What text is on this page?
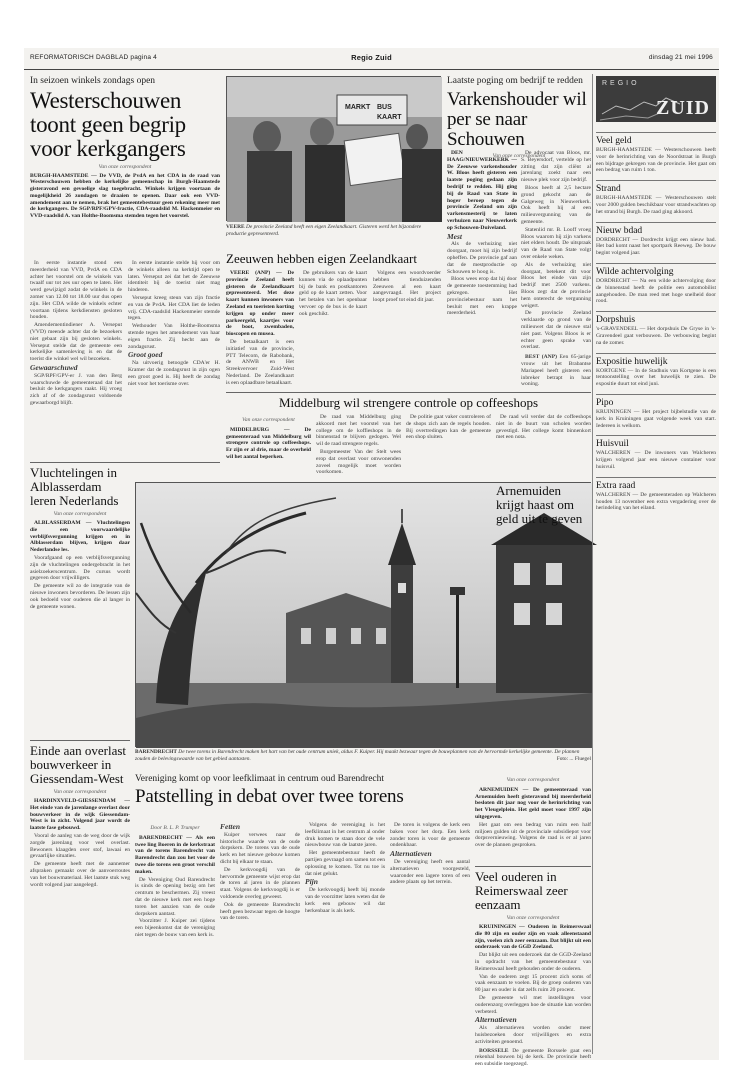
REFORMATORISCH DAGBLAD pagina 4	Regio Zuid	dinsdag 21 mei 1996
In seizoen winkels zondags open
Westerschouwen toont geen begrip voor kerkgangers
Van onze correspondent
BURGH-HAAMSTEDE — De VVD, de PvdA en het CDA in de raad van Westerschouwen hebben de kerkelijke gemeenschap in Burgh-Haamstede gisteravond een gevoelige slag toegebracht. Winkels krijgen voortaan de mogelijkheid 26 zondagen te draaien te openen. Daar ook een VVD-amendement aan te nemen, brak het gemeentebestuur geen rekening meer met de kerkgangers. De SGP/RPF/GPV-fractie, CDA-raadslid M. Hackenmeier en VVD-raadslid A. van Holthe-Boomsma stemden tegen het voorstel.

In eerste instantie stond een meerderheid van VVD, PvdA en CDA achter het voorstel om de winkels van twaalf uur tot zes uur open te laten. Het werd gewijzigd zodat de winkels in de zomer van 12.00 tot 18.00 uur dus open zijn. Het CDA wilde de winkels echter voortaan tijdens kerkdiensten gesloten houden.

Amendementindiener A. Verseput (VVD) meende achter dat de bezoekers niet gebaat zijn bij gesloten winkels. Verseput stelde dat de gemeente een kerkelijke samenleving is en dat de toerist die winkel wel wil bezoeken.

Gewaarschuwd

SGP/RPF/GPV-er J. van den Berg waarschuwde de gemeenteraad dat het besluit de kerkgangers raakt. Hij vroeg zich af of de zondagsrust voldoende gewaarborgd blijft.

In eerste instantie stelde hij voor om de winkels alleen na kerktijd open te laten. Verseput zei dat het de Zeeuwse identiteit bij de toerist niet mag hinderen.

Verseput kreeg steun van zijn fractie en van de PvdA. Het CDA liet de leden vrij. CDA-raadslid Hackenmeier stemde tegen.

Wethouder Van Holthe-Boomsma stemde tegen het amendement van haar eigen fractie. Zij hecht aan de zondagsrust.

Groot goed

Na uitvoerig betoogde CDA'er H. Kramer dat de zondagsrust in zijn ogen een groot goed is. Hij heeft de zondag niet voor het toerisme over.

MARKT BUS
KAART
VEERE De provincie Zeeland heeft een eigen Zeelandkaart. Gisteren werd het bijzondere productie gepresenteerd.
Zeeuwen hebben eigen Zeelandkaart

VEERE (ANP) — De provincie Zeeland heeft gisteren de Zeelandkaart gepresenteerd. Met deze kaart kunnen inwoners van Zeeland en toeristen korting krijgen op onder meer parkeergeld, kaartjes voor de boot, zwembaden, bioscopen en musea.

De betaalkaart is een initiatief van de provincie, PTT Telecom, de Rabobank, de ANWB en Het Streekvervoer Zuid-West Nederland. De Zeelandkaart is een oplaadbare betaalkaart.

De gebruikers van de kaart kunnen via de oplaadpunten bij de bank en postkantoren geld op de kaart zetten. Voor het betalen van het openbaar vervoer op de bus is de kaart ook geschikt.

Volgens een woordvoerder hebben tienduizenden Zeeuwen al een kaart aangevraagd. Het project loopt proef tot eind dit jaar.

Laatste poging om bedrijf te redden
Varkenshouder wil per se naar Schouwen
Van onze correspondent

DEN HAAG/NIEUWERKERK — De Zeeuwse varkenshouder W. Bloos heeft gisteren een laatste poging gedaan zijn bedrijf te redden. Hij ging bij de Raad van State in hoger beroep tegen de provincie Zeeland om zijn varkensmesterij te laten verhuizen naar Nieuwerkerk op Schouwen-Duiveland.

Mest

Als de verhuizing niet doorgaat, moet hij zijn bedrijf opheffen. De provincie gaf aan dat de mestproductie op Schouwen te hoog is.

Bloos wees erop dat hij door de gemeente toestemming had gekregen. Het provinciebestuur nam het besluit met een krappe meerderheid.

De advocaat van Bloos, mr. S. Beyersdorf, vertelde op het zitting dat zijn cliënt al jarenlang zoekt naar een nieuwe plek voor zijn bedrijf.

Bloos heeft al 2,5 hectare grond gekocht aan de Galgeweg in Nieuwerkerk. Ook heeft hij al een milieuvergunning van de gemeente.

Statenlid mr. B. Looff vroeg Bloos waarom hij zijn varkens niet elders houdt. De uitspraak van de Raad van State volgt over enkele weken.

Als de verhuizing niet doorgaat, betekent dit voor Bloos het einde van zijn bedrijf met 2500 varkens. Bloos zegt dat de provincie hem onterecht de vergunning weigert.

De provincie Zeeland verklaarde op grond van de milieuwet dat de nieuwe stal niet past. Volgens Bloos is er echter geen sprake van overlast.

BEST (ANP) Een 65-jarige vrouw uit het Brabantse Mariapeel heeft gisteren een inbreker betrapt in haar woning.

Middelburg wil strengere controle op coffeeshops
Van onze correspondent

MIDDELBURG — De gemeenteraad van Middelburg wil strengere controle op coffeeshops. Er zijn er al drie, maar de overheid wil het aantal beperken.

De raad van Middelburg ging akkoord met het voorstel van het college om de koffieshops in de binnenstad te blijven gedogen. Wel wil de raad strengere regels.

Burgemeester Van der Stelt wees erop dat overlast voor omwonenden zoveel mogelijk moet worden voorkomen.

De politie gaat vaker controleren of de shops zich aan de regels houden. Bij overtredingen kan de gemeente een shop sluiten.

De raad wil verder dat de coffeeshops niet in de buurt van scholen worden gevestigd. Het college komt binnenkort met een nota.

Vluchtelingen in Alblasserdam leren Nederlands
Van onze correspondent

ALBLASSERDAM — Vluchtelingen die een voorwaardelijke verblijfsvergunning krijgen en in Alblasserdam blijven, krijgen daar Nederlandse les.

Voorafgaand op een verblijfsvergunning zijn de vluchtelingen ondergebracht in het asielzoekerscentrum. De cursus wordt gegeven door vrijwilligers.

De gemeente wil zo de integratie van de nieuwe inwoners bevorderen. De lessen zijn ook bedoeld voor ouderen die al langer in de gemeente wonen.

BARENDRECHT De twee torens in Barendrecht maken het hart van het oude centrum uniek, aldus F. Kuiper. Hij maakt bezwaar tegen de bouwplannen van de hervormde kerkelijke gemeente. De plannen zouden de belevingswaarde van het gebied aantasten.	Foto: ... Fluegel
Einde aan overlast bouwverkeer in Giessendam-West
Van onze correspondent

HARDINXVELD-GIESSENDAM — Het einde van de jarenlange overlast door bouwverkeer in de wijk Giessendam-West is in zicht. Volgend jaar wordt de laatste fase gebouwd.

Vooral de aanleg van de weg door de wijk zorgde jarenlang voor veel overlast. Bewoners klaagden over stof, lawaai en gevaarlijke situaties.

De gemeente heeft met de aannemer afspraken gemaakt over de aanvoerroutes van het bouwmateriaal. Het laatste stuk weg wordt volgend jaar aangelegd.

Vereniging komt op voor leefklimaat in centrum oud Barendrecht
Patstelling in debat over twee torens
Door B. L. P. Trumper

BARENDRECHT — Als een twee ling Boeren in de kerkstraat van de torens Barendrecht van Barendrecht dan zou het voor de twee die torens een groot verschil maken.

De Vereniging Oud Barendrecht is sinds de opening bezig om het centrum te beschermen. Zij vreest dat de nieuwe kerk met een hoge toren het aanzien van de oude dorpskern aantast.

Voorzitter J. Kuiper zei tijdens een bijeenkomst dat de vereniging niet tegen de bouw van een kerk is.

Fetten

Kuiper verwees naar de historische waarde van de oude dorpskern. De torens van de oude kerk en het nieuwe gebouw komen dicht bij elkaar te staan.

De kerkvoogdij van de hervormde gemeente wijst erop dat de toren al jaren in de plannen staat. Volgens de kerkvoogdij is er voldoende overleg geweest.

Ook de gemeente Barendrecht heeft geen bezwaar tegen de hoogte van de toren.

Volgens de vereniging is het leefklimaat in het centrum al onder druk komen te staan door de vele nieuwbouw van de laatste jaren.

Het gemeentebestuur heeft de partijen gevraagd om samen tot een oplossing te komen. Tot nu toe is dat niet gelukt.

Pijn

De kerkvoogdij heeft bij monde van de voorzitter laten weten dat de kerk een gebouw wil dat herkenbaar is als kerk.

De toren is volgens de kerk een baken voor het dorp. Een kerk zonder toren is voor de gemeente ondenkbaar.

Alternatieven

De vereniging heeft een aantal alternatieven voorgesteld, waaronder een lagere toren of een andere plaats op het terrein.

Arnemuiden krijgt haast om geld uit te geven
Van onze correspondent

ARNEMUIDEN — De gemeenteraad van Arnemuiden heeft gisteravond bij meerderheid besloten dit jaar nog voor de herinrichting van het Vleugelplein. Het geld moet voor 1997 zijn uitgegeven.

Het gaat om een bedrag van ruim een half miljoen gulden uit de provinciale subsidiepot voor dorpsvernieuwing. Volgens de raad is er al jaren over de plannen gesproken.

Veel ouderen in Reimerswaal zeer eenzaam
Van onze correspondent

KRUININGEN — Ouderen in Reimerswaal die 80 zijn en ouder zijn en vaak alleenstaand zijn, voelen zich zeer eenzaam. Dat blijkt uit een onderzoek van de GGD Zeeland.

Dat blijkt uit een onderzoek dat de GGD-Zeeland in opdracht van het gemeentebestuur van Reimerswaal heeft gehouden onder de ouderen.

Van de ouderen zegt 15 procent zich soms of vaak eenzaam te voelen. Bij de groep ouderen van 80 jaar en ouder is dat zelfs ruim 20 procent.

De gemeente wil met instellingen voor ouderenzorg overleggen hoe de situatie kan worden verbeterd.

Alternatieven

Als alternatieven worden onder meer huisbezoeken door vrijwilligers en extra activiteiten genoemd.

BORSSELE De gemeente Borssele gaat een rekenhal bouwen bij de kerk. De provincie heeft een subsidie toegezegd.

REGIO
ZUID
Veel geld
BURGH-HAAMSTEDE — Westerschouwen heeft voor de herinrichting van de Noordstraat in Burgh een bijdrage gekregen van de provincie. Het gaat om een bedrag van ruim 1 ton.
Strand
BURGH-HAAMSTEDE — Westerschouwen stelt voor 2000 gulden beschikbaar voor strandwachten op het strand bij Burgh. De raad ging akkoord.
Nieuw bdad
DORDRECHT — Dordrecht krijgt een nieuw bad. Het bad komt naast het sportpark Reeweg. De bouw begint volgend jaar.
Wilde achtervolging
DORDRECHT — Na een wilde achtervolging door de binnenstad heeft de politie een automobilist aangehouden. De man reed met hoge snelheid door rood.
Dorpshuis
's-GRAVENDEEL — Het dorpshuis De Gryse in 's-Gravendeel gaat verbouwen. De verbouwing begint na de zomer.
Expositie huwelijk
KORTGENE — In de Stadhuis van Kortgene is een tentoonstelling over het huwelijk te zien. De expositie duurt tot eind juni.
Pipo
KRUININGEN — Het project bijbelstudie van de kerk in Kruiningen gaat volgende week van start. Iedereen is welkom.
Huisvuil
WALCHEREN — De inwoners van Walcheren krijgen volgend jaar een nieuwe container voor huisvuil.
Extra raad
WALCHEREN — De gemeenteraden op Walcheren houden 13 november een extra vergadering over de herindeling van het eiland.
